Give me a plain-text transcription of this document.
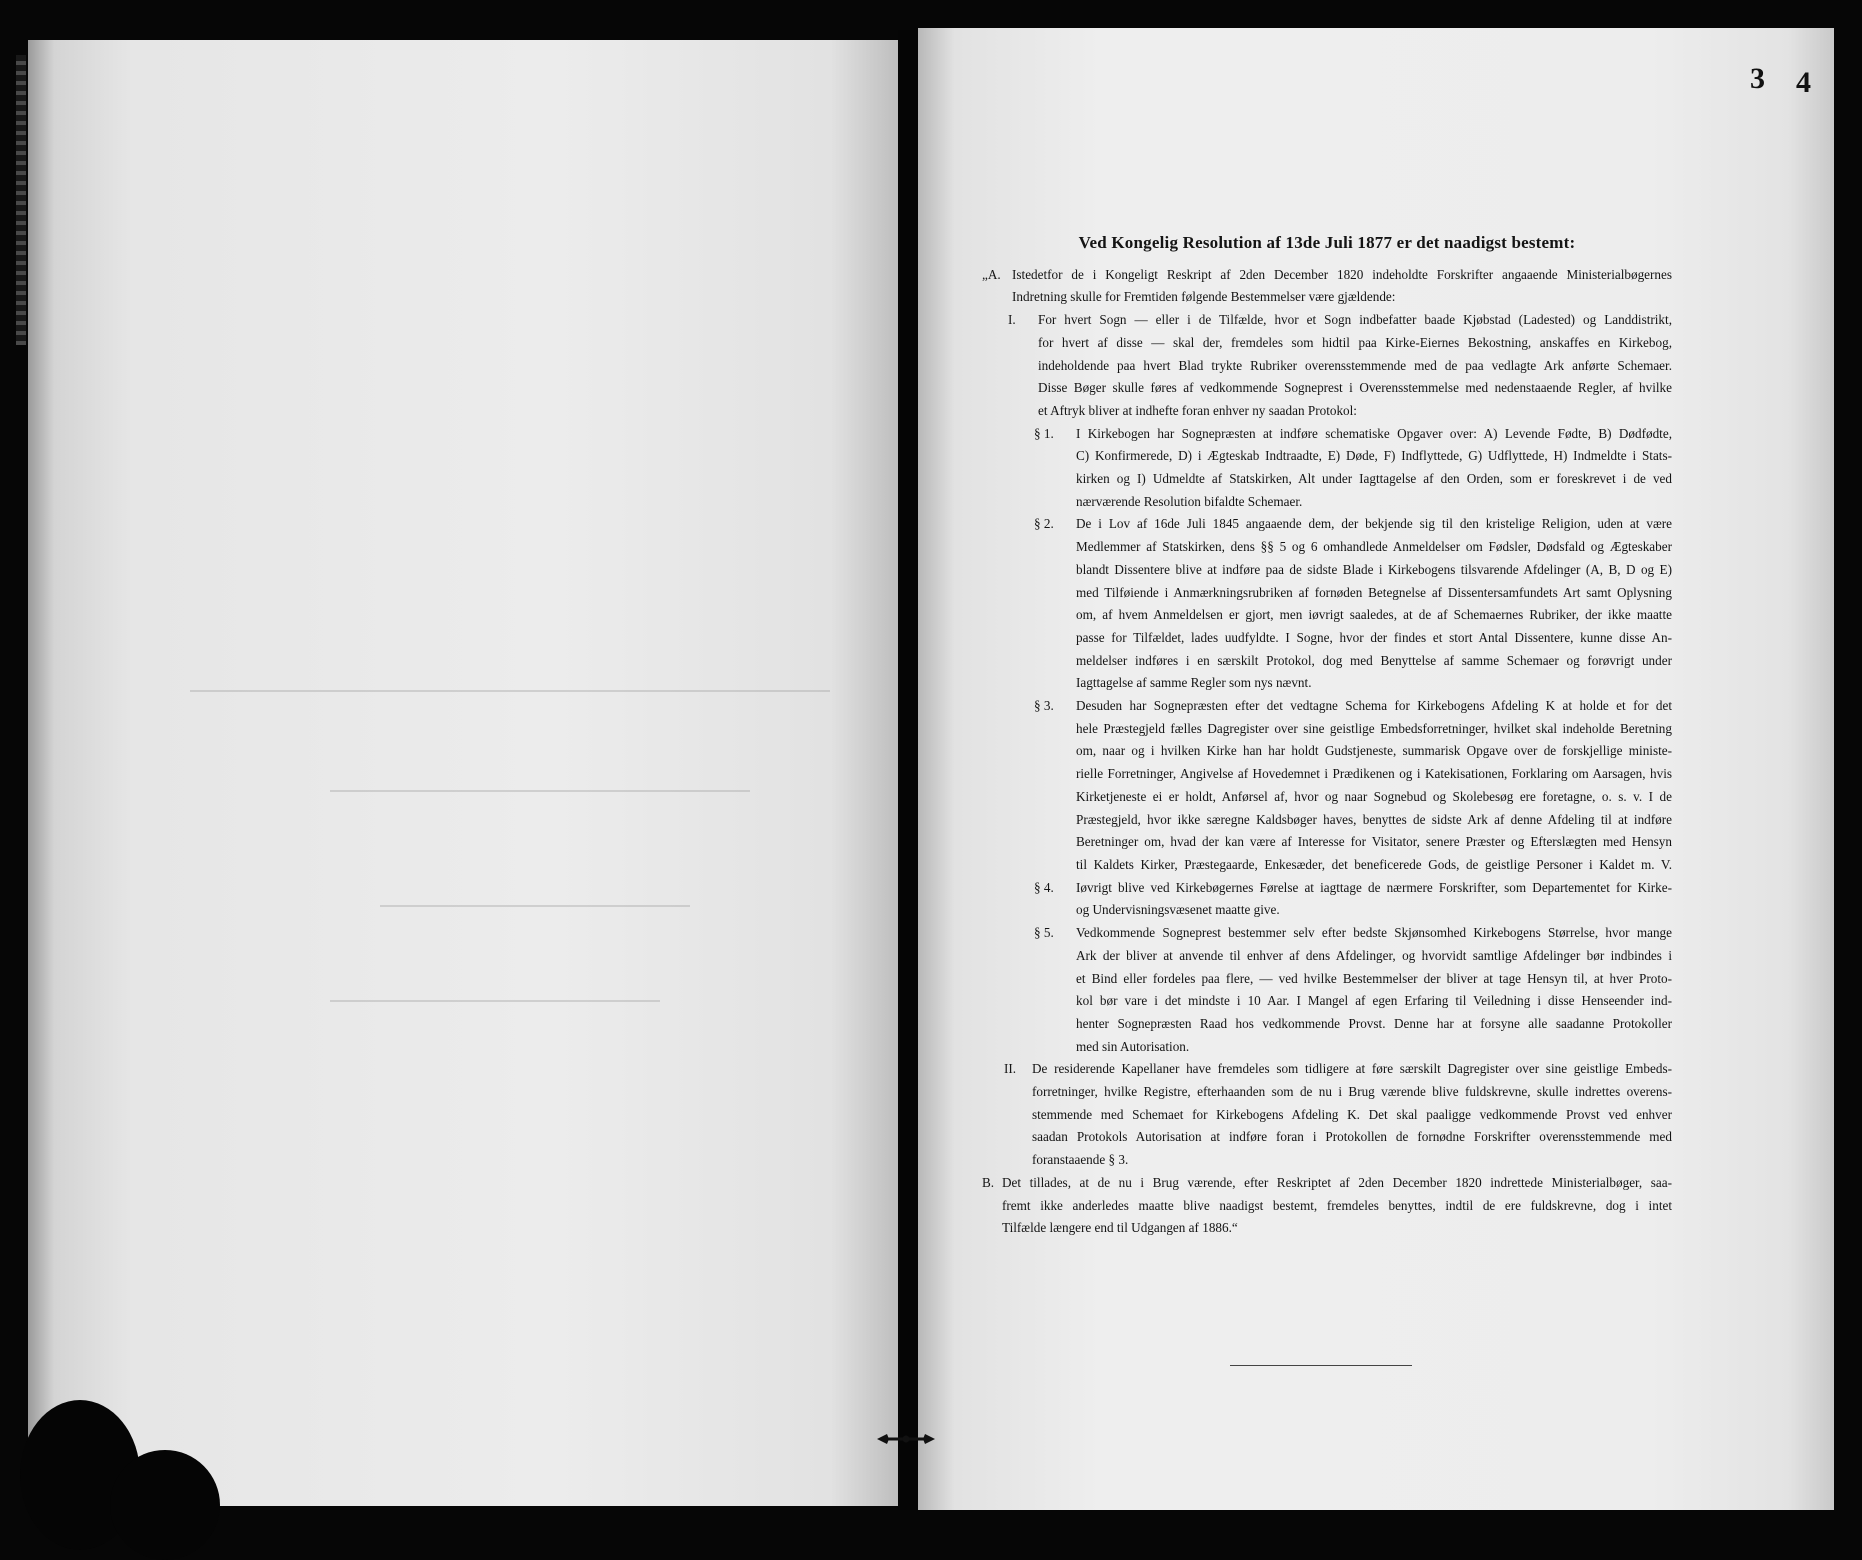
3 4
Ved Kongelig Resolution af 13de Juli 1877 er det naadigst bestemt:
„A. Istedetfor de i Kongeligt Reskript af 2den December 1820 indeholdte Forskrifter angaaende Ministerialbøgernes
Indretning skulle for Fremtiden følgende Bestemmelser være gjældende:
I.	For hvert Sogn — eller i de Tilfælde, hvor et Sogn indbefatter baade Kjøbstad (Ladested) og Landdistrikt,
for hvert af disse — skal der, fremdeles som hidtil paa Kirke-Eiernes Bekostning, anskaffes en Kirkebog,
indeholdende paa hvert Blad trykte Rubriker overensstemmende med de paa vedlagte Ark anførte Schemaer.
Disse Bøger skulle føres af vedkommende Sogneprest i Overensstemmelse med nedenstaaende Regler, af hvilke
et Aftryk bliver at indhefte foran enhver ny saadan Protokol:
§ 1.	I Kirkebogen har Sognepræsten at indføre schematiske Opgaver over: A) Levende Fødte, B) Dødfødte,
C) Konfirmerede, D) i Ægteskab Indtraadte, E) Døde, F) Indflyttede, G) Udflyttede, H) Indmeldte i Stats-
kirken og I) Udmeldte af Statskirken, Alt under Iagttagelse af den Orden, som er foreskrevet i de ved
nærværende Resolution bifaldte Schemaer.
§ 2.	De i Lov af 16de Juli 1845 angaaende dem, der bekjende sig til den kristelige Religion, uden at være
Medlemmer af Statskirken, dens §§ 5 og 6 omhandlede Anmeldelser om Fødsler, Dødsfald og Ægteskaber
blandt Dissentere blive at indføre paa de sidste Blade i Kirkebogens tilsvarende Afdelinger (A, B, D og E)
med Tilføiende i Anmærkningsrubriken af fornøden Betegnelse af Dissentersamfundets Art samt Oplysning
om, af hvem Anmeldelsen er gjort, men iøvrigt saaledes, at de af Schemaernes Rubriker, der ikke maatte
passe for Tilfældet, lades uudfyldte. I Sogne, hvor der findes et stort Antal Dissentere, kunne disse An-
meldelser indføres i en særskilt Protokol, dog med Benyttelse af samme Schemaer og forøvrigt under
Iagttagelse af samme Regler som nys nævnt.
§ 3.	Desuden har Sognepræsten efter det vedtagne Schema for Kirkebogens Afdeling K at holde et for det
hele Præstegjeld fælles Dagregister over sine geistlige Embedsforretninger, hvilket skal indeholde Beretning
om, naar og i hvilken Kirke han har holdt Gudstjeneste, summarisk Opgave over de forskjellige ministe-
rielle Forretninger, Angivelse af Hovedemnet i Prædikenen og i Katekisationen, Forklaring om Aarsagen, hvis
Kirketjeneste ei er holdt, Anførsel af, hvor og naar Sognebud og Skolebesøg ere foretagne, o. s. v. I de
Præstegjeld, hvor ikke særegne Kaldsbøger haves, benyttes de sidste Ark af denne Afdeling til at indføre
Beretninger om, hvad der kan være af Interesse for Visitator, senere Præster og Efterslægten med Hensyn
til Kaldets Kirker, Præstegaarde, Enkesæder, det beneficerede Gods, de geistlige Personer i Kaldet m. V.
§ 4.	Iøvrigt blive ved Kirkebøgernes Førelse at iagttage de nærmere Forskrifter, som Departementet for Kirke-
og Undervisningsvæsenet maatte give.
§ 5.	Vedkommende Sogneprest bestemmer selv efter bedste Skjønsomhed Kirkebogens Størrelse, hvor mange
Ark der bliver at anvende til enhver af dens Afdelinger, og hvorvidt samtlige Afdelinger bør indbindes i
et Bind eller fordeles paa flere, — ved hvilke Bestemmelser der bliver at tage Hensyn til, at hver Proto-
kol bør vare i det mindste i 10 Aar. I Mangel af egen Erfaring til Veiledning i disse Henseender ind-
henter Sognepræsten Raad hos vedkommende Provst. Denne har at forsyne alle saadanne Protokoller
med sin Autorisation.
II.	De residerende Kapellaner have fremdeles som tidligere at føre særskilt Dagregister over sine geistlige Embeds-
forretninger, hvilke Registre, efterhaanden som de nu i Brug værende blive fuldskrevne, skulle indrettes overens-
stemmende med Schemaet for Kirkebogens Afdeling K. Det skal paaligge vedkommende Provst ved enhver
saadan Protokols Autorisation at indføre foran i Protokollen de fornødne Forskrifter overensstemmende med
foranstaaende § 3.
B. Det tillades, at de nu i Brug værende, efter Reskriptet af 2den December 1820 indrettede Ministerialbøger, saa-
fremt ikke anderledes maatte blive naadigst bestemt, fremdeles benyttes, indtil de ere fuldskrevne, dog i intet
Tilfælde længere end til Udgangen af 1886.“
